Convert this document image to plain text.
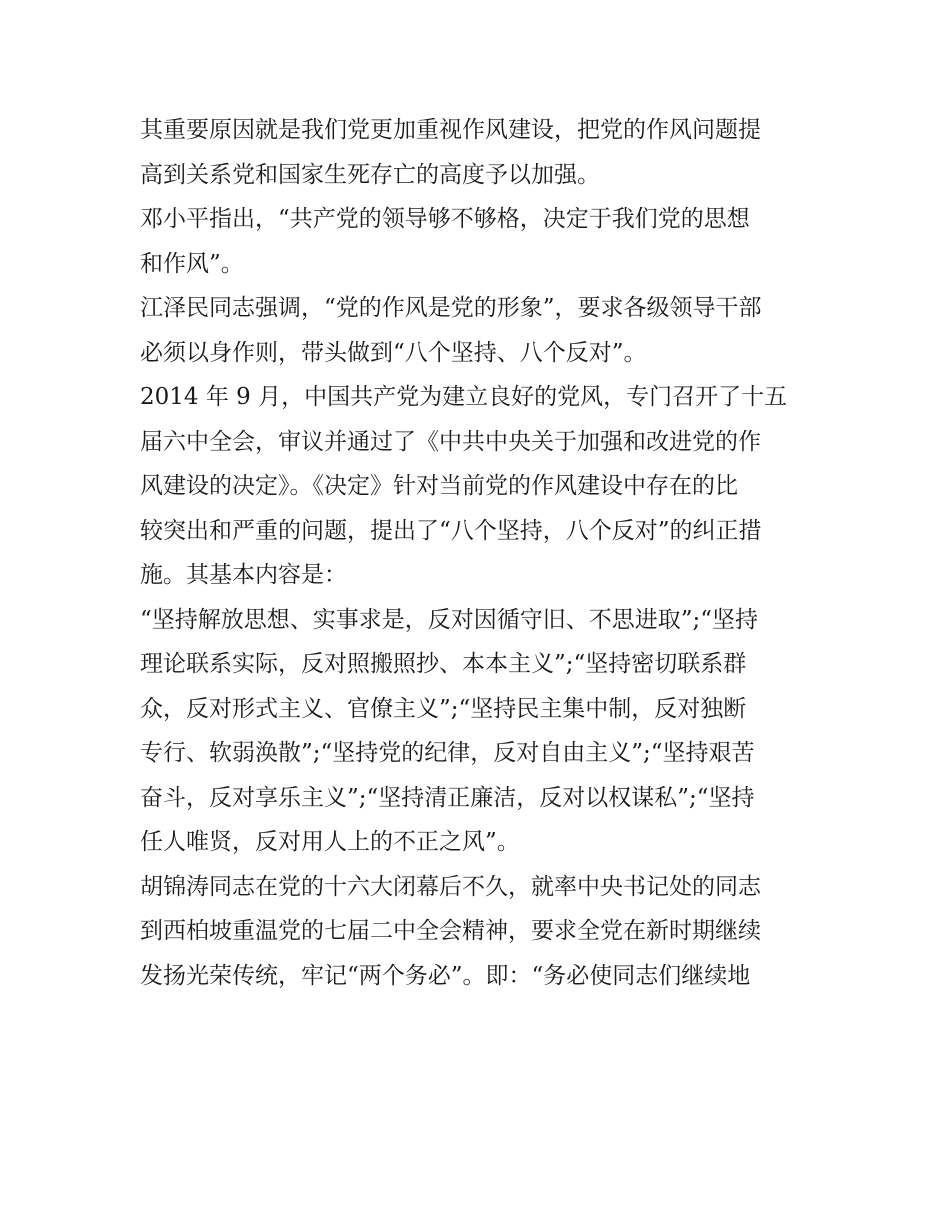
其重要原因就是我们党更加重视作风建设，把党的作风问题提
高到关系党和国家生死存亡的高度予以加强。
邓小平指出，“共产党的领导够不够格，决定于我们党的思想
和作风”。
江泽民同志强调，“党的作风是党的形象”，要求各级领导干部
必须以身作则，带头做到“八个坚持、八个反对”。
2014 年 9 月，中国共产党为建立良好的党风，专门召开了十五
届六中全会，审议并通过了《中共中央关于加强和改进党的作
风建设的决定》。《决定》针对当前党的作风建设中存在的比
较突出和严重的问题，提出了“八个坚持，八个反对”的纠正措
施。其基本内容是：
“坚持解放思想、实事求是，反对因循守旧、不思进取”;“坚持
理论联系实际，反对照搬照抄、本本主义”;“坚持密切联系群
众，反对形式主义、官僚主义”;“坚持民主集中制，反对独断
专行、软弱涣散”;“坚持党的纪律，反对自由主义”;“坚持艰苦
奋斗，反对享乐主义”;“坚持清正廉洁，反对以权谋私”;“坚持
任人唯贤，反对用人上的不正之风”。
胡锦涛同志在党的十六大闭幕后不久，就率中央书记处的同志
到西柏坡重温党的七届二中全会精神，要求全党在新时期继续
发扬光荣传统，牢记“两个务必”。即：“务必使同志们继续地
